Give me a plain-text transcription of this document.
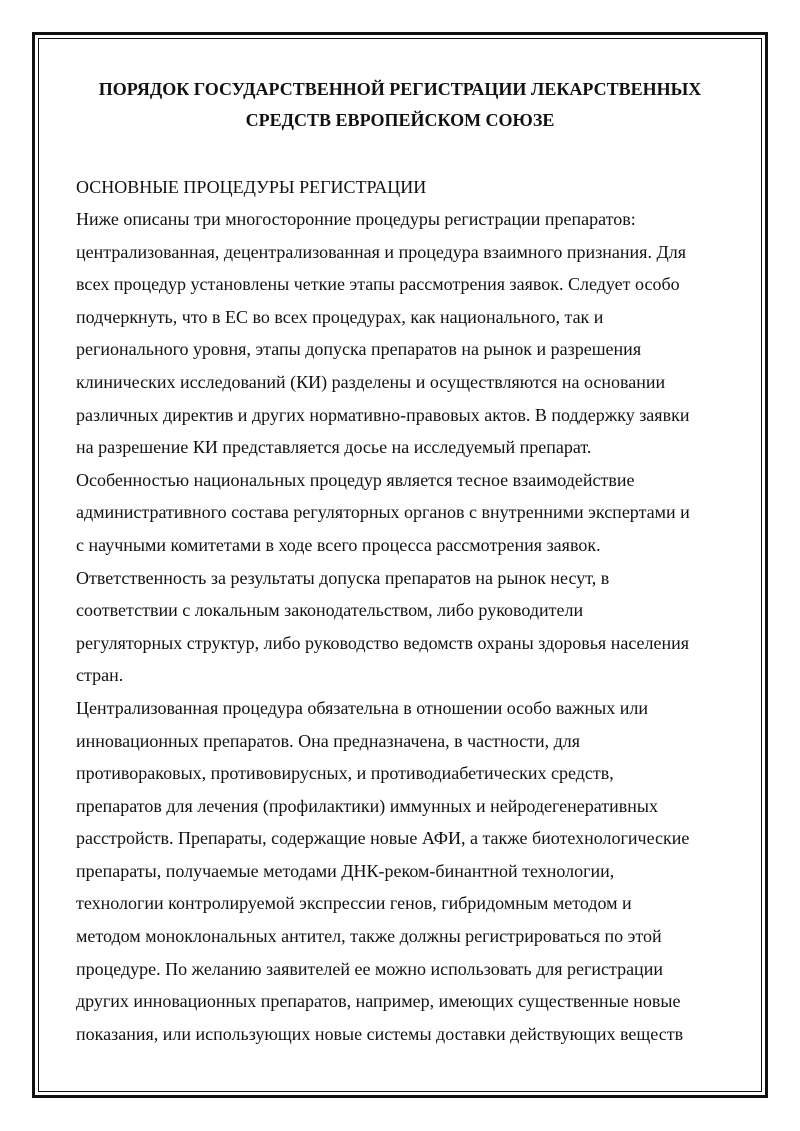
ПОРЯДОК ГОСУДАРСТВЕННОЙ РЕГИСТРАЦИИ ЛЕКАРСТВЕННЫХ
СРЕДСТВ ЕВРОПЕЙСКОМ СОЮЗЕ
ОСНОВНЫЕ ПРОЦЕДУРЫ РЕГИСТРАЦИИ
Ниже описаны три многосторонние процедуры регистрации препаратов:
централизованная, децентрализованная и процедура взаимного признания. Для
всех процедур установлены четкие этапы рассмотрения заявок. Следует особо
подчеркнуть, что в ЕС во всех процедурах, как национального, так и
регионального уровня, этапы допуска препаратов на рынок и разрешения
клинических исследований (КИ) разделены и осуществляются на основании
различных директив и других нормативно-правовых актов. В поддержку заявки
на разрешение КИ представляется досье на исследуемый препарат.
Особенностью национальных процедур является тесное взаимодействие
административного состава регуляторных органов с внутренними экспертами и
с научными комитетами в ходе всего процесса рассмотрения заявок.
Ответственность за результаты допуска препаратов на рынок несут, в
соответствии с локальным законодательством, либо руководители
регуляторных структур, либо руководство ведомств охраны здоровья населения
стран.
Централизованная процедура обязательна в отношении особо важных или
инновационных препаратов. Она предназначена, в частности, для
противораковых, противовирусных, и противодиабетических средств,
препаратов для лечения (профилактики) иммунных и нейродегенеративных
расстройств. Препараты, содержащие новые АФИ, а также биотехнологические
препараты, получаемые методами ДНК-реком-бинантной технологии,
технологии контролируемой экспрессии генов, гибридомным методом и
методом моноклональных антител, также должны регистрироваться по этой
процедуре. По желанию заявителей ее можно использовать для регистрации
других инновационных препаратов, например, имеющих существенные новые
показания, или использующих новые системы доставки действующих веществ
